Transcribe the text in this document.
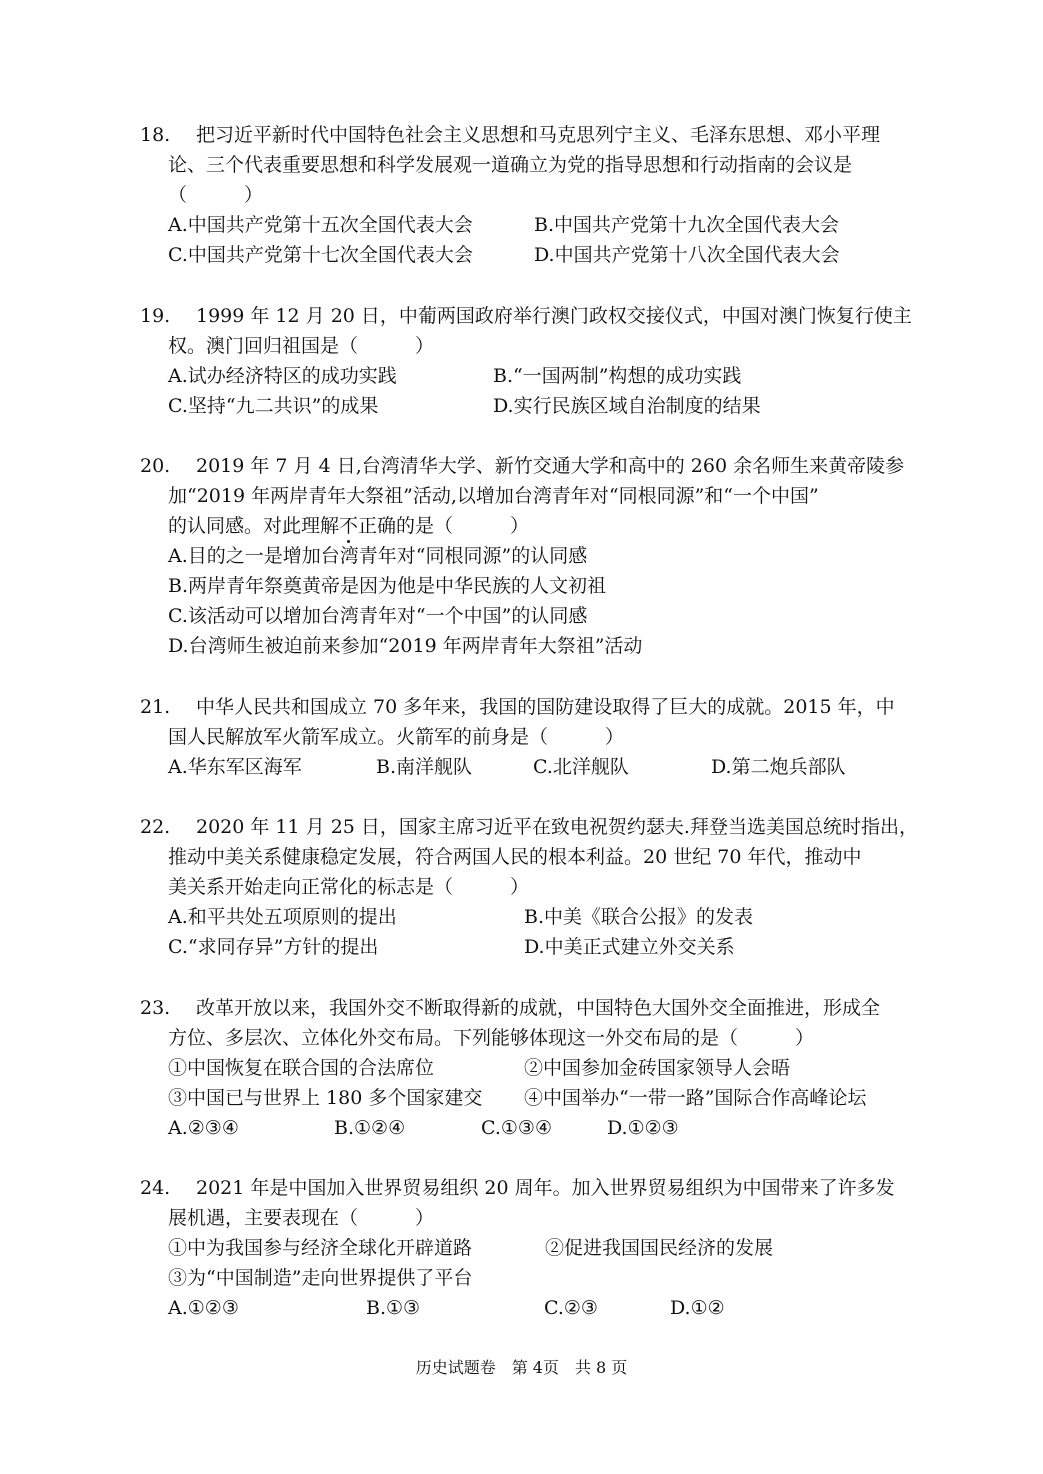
18. 把习近平新时代中国特色社会主义思想和马克思列宁主义、毛泽东思想、邓小平理
论、三个代表重要思想和科学发展观一道确立为党的指导思想和行动指南的会议是
（　　　）
A.中国共产党第十五次全国代表大会	B.中国共产党第十九次全国代表大会
C.中国共产党第十七次全国代表大会	D.中国共产党第十八次全国代表大会
19. 1999 年 12 月 20 日，中葡两国政府举行澳门政权交接仪式，中国对澳门恢复行使主
权。澳门回归祖国是（　　　）
A.试办经济特区的成功实践	B.“一国两制”构想的成功实践
C.坚持“九二共识”的成果	D.实行民族区域自治制度的结果
20. 2019 年 7 月 4 日,台湾清华大学、新竹交通大学和高中的 260 余名师生来黄帝陵参
加“2019 年两岸青年大祭祖”活动,以增加台湾青年对“同根同源”和“一个中国”
的认同感。对此理解不正确的是（　　　）
A.目的之一是增加台湾青年对“同根同源”的认同感
B.两岸青年祭奠黄帝是因为他是中华民族的人文初祖
C.该活动可以增加台湾青年对“一个中国”的认同感
D.台湾师生被迫前来参加“2019 年两岸青年大祭祖”活动
21. 中华人民共和国成立 70 多年来，我国的国防建设取得了巨大的成就。2015 年，中
国人民解放军火箭军成立。火箭军的前身是（　　　）
A.华东军区海军	B.南洋舰队	C.北洋舰队	D.第二炮兵部队
22. 2020 年 11 月 25 日，国家主席习近平在致电祝贺约瑟夫.拜登当选美国总统时指出，
推动中美关系健康稳定发展，符合两国人民的根本利益。20 世纪 70 年代，推动中
美关系开始走向正常化的标志是（　　　）
A.和平共处五项原则的提出	B.中美《联合公报》的发表
C.“求同存异”方针的提出	D.中美正式建立外交关系
23. 改革开放以来，我国外交不断取得新的成就，中国特色大国外交全面推进，形成全
方位、多层次、立体化外交布局。下列能够体现这一外交布局的是（　　　）
①中国恢复在联合国的合法席位	②中国参加金砖国家领导人会晤
③中国已与世界上 180 多个国家建交 ④中国举办“一带一路”国际合作高峰论坛
A.②③④	B.①②④	C.①③④	D.①②③
24. 2021 年是中国加入世界贸易组织 20 周年。加入世界贸易组织为中国带来了许多发
展机遇，主要表现在（　　　）
①中为我国参与经济全球化开辟道路	②促进我国国民经济的发展
③为“中国制造”走向世界提供了平台
A.①②③	B.①③	C.②③	D.①②
历史试题卷　第 4页　共 8 页
